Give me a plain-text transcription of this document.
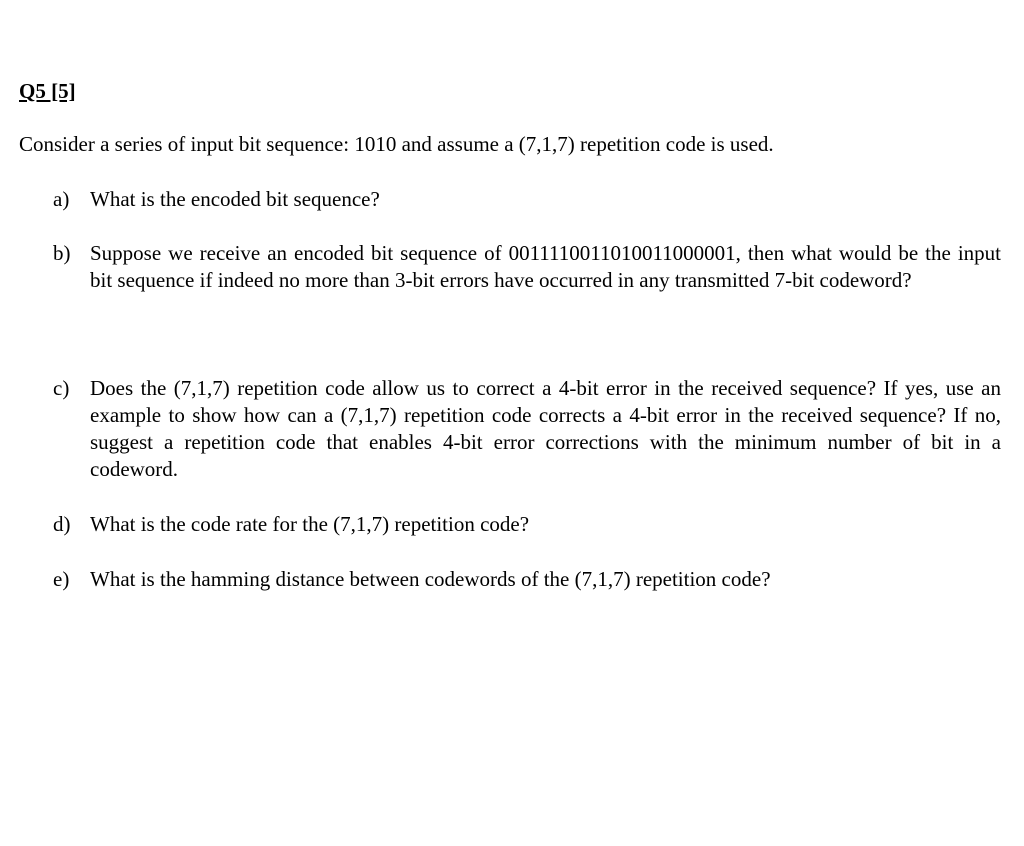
Q5 [5]
Consider a series of input bit sequence: 1010 and assume a (7,1,7) repetition code is used.
a) What is the encoded bit sequence?
b) Suppose we receive an encoded bit sequence of 0011110011010011000001, then what would be the input bit sequence if indeed no more than 3-bit errors have occurred in any transmitted 7-bit codeword?
c) Does the (7,1,7) repetition code allow us to correct a 4-bit error in the received sequence? If yes, use an example to show how can a (7,1,7) repetition code corrects a 4-bit error in the received sequence? If no, suggest a repetition code that enables 4-bit error corrections with the minimum number of bit in a codeword.
d) What is the code rate for the (7,1,7) repetition code?
e) What is the hamming distance between codewords of the (7,1,7) repetition code?
